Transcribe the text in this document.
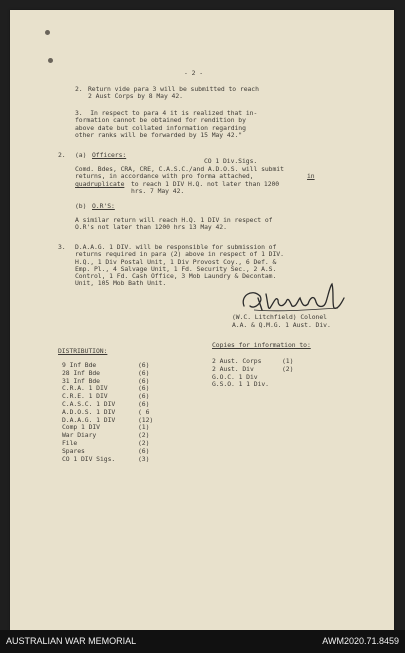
- 2 -
2. Return vide para 3 will be submitted to reach
2 Aust Corps by 8 May 42.
3.  In respect to para 4 it is realized that in-
formation cannot be obtained for rendition by
above date but collated information regarding
other ranks will be forwarded by 15 May 42."
2. (a) Officers:
CO 1 Div.Sigs.
Comd. Bdes, CRA, CRE, C.A.S.C./and A.D.O.S. will submit
returns, in accordance with pro forma attached,	in
quadruplicate to reach 1 DIV H.Q. not later than 1200
hrs. 7 May 42.
(b) O.R'S:
A similar return will reach H.Q. 1 DIV in respect of
O.R's not later than 1200 hrs 13 May 42.
3. D.A.A.G. 1 DIV. will be responsible for submission of
returns required in para (2) above in respect of 1 DIV.
H.Q., 1 Div Postal Unit, 1 Div Provost Coy., 6 Def. &
Emp. Pl., 4 Salvage Unit, 1 Fd. Security Sec., 2 A.S.
Control, 1 Fd. Cash Office, 3 Mob Laundry & Decontam.
Unit, 105 Mob Bath Unit.
(W.C. Litchfield) Colonel
A.A. & Q.M.G. 1 Aust. Div.
DISTRIBUTION:
9 Inf Bde	(6)
28 Inf Bde	(6)
31 Inf Bde	(6)
C.R.A. 1 DIV	(6)
C.R.E. 1 DIV	(6)
C.A.S.C. 1 DIV	(6)
A.D.O.S. 1 DIV	( 6
D.A.A.G. 1 DIV	(12)
Comp 1 DIV	(1)
War Diary	(2)
File	(2)
Spares	(6)
CO 1 DIV Sigs.	(3)
Copies for information to:
2 Aust. Corps	(1)
2 Aust. Div	(2)
G.O.C. 1 Div
G.S.O. 1 1 Div.
AUSTRALIAN WAR MEMORIAL	AWM2020.71.8459
